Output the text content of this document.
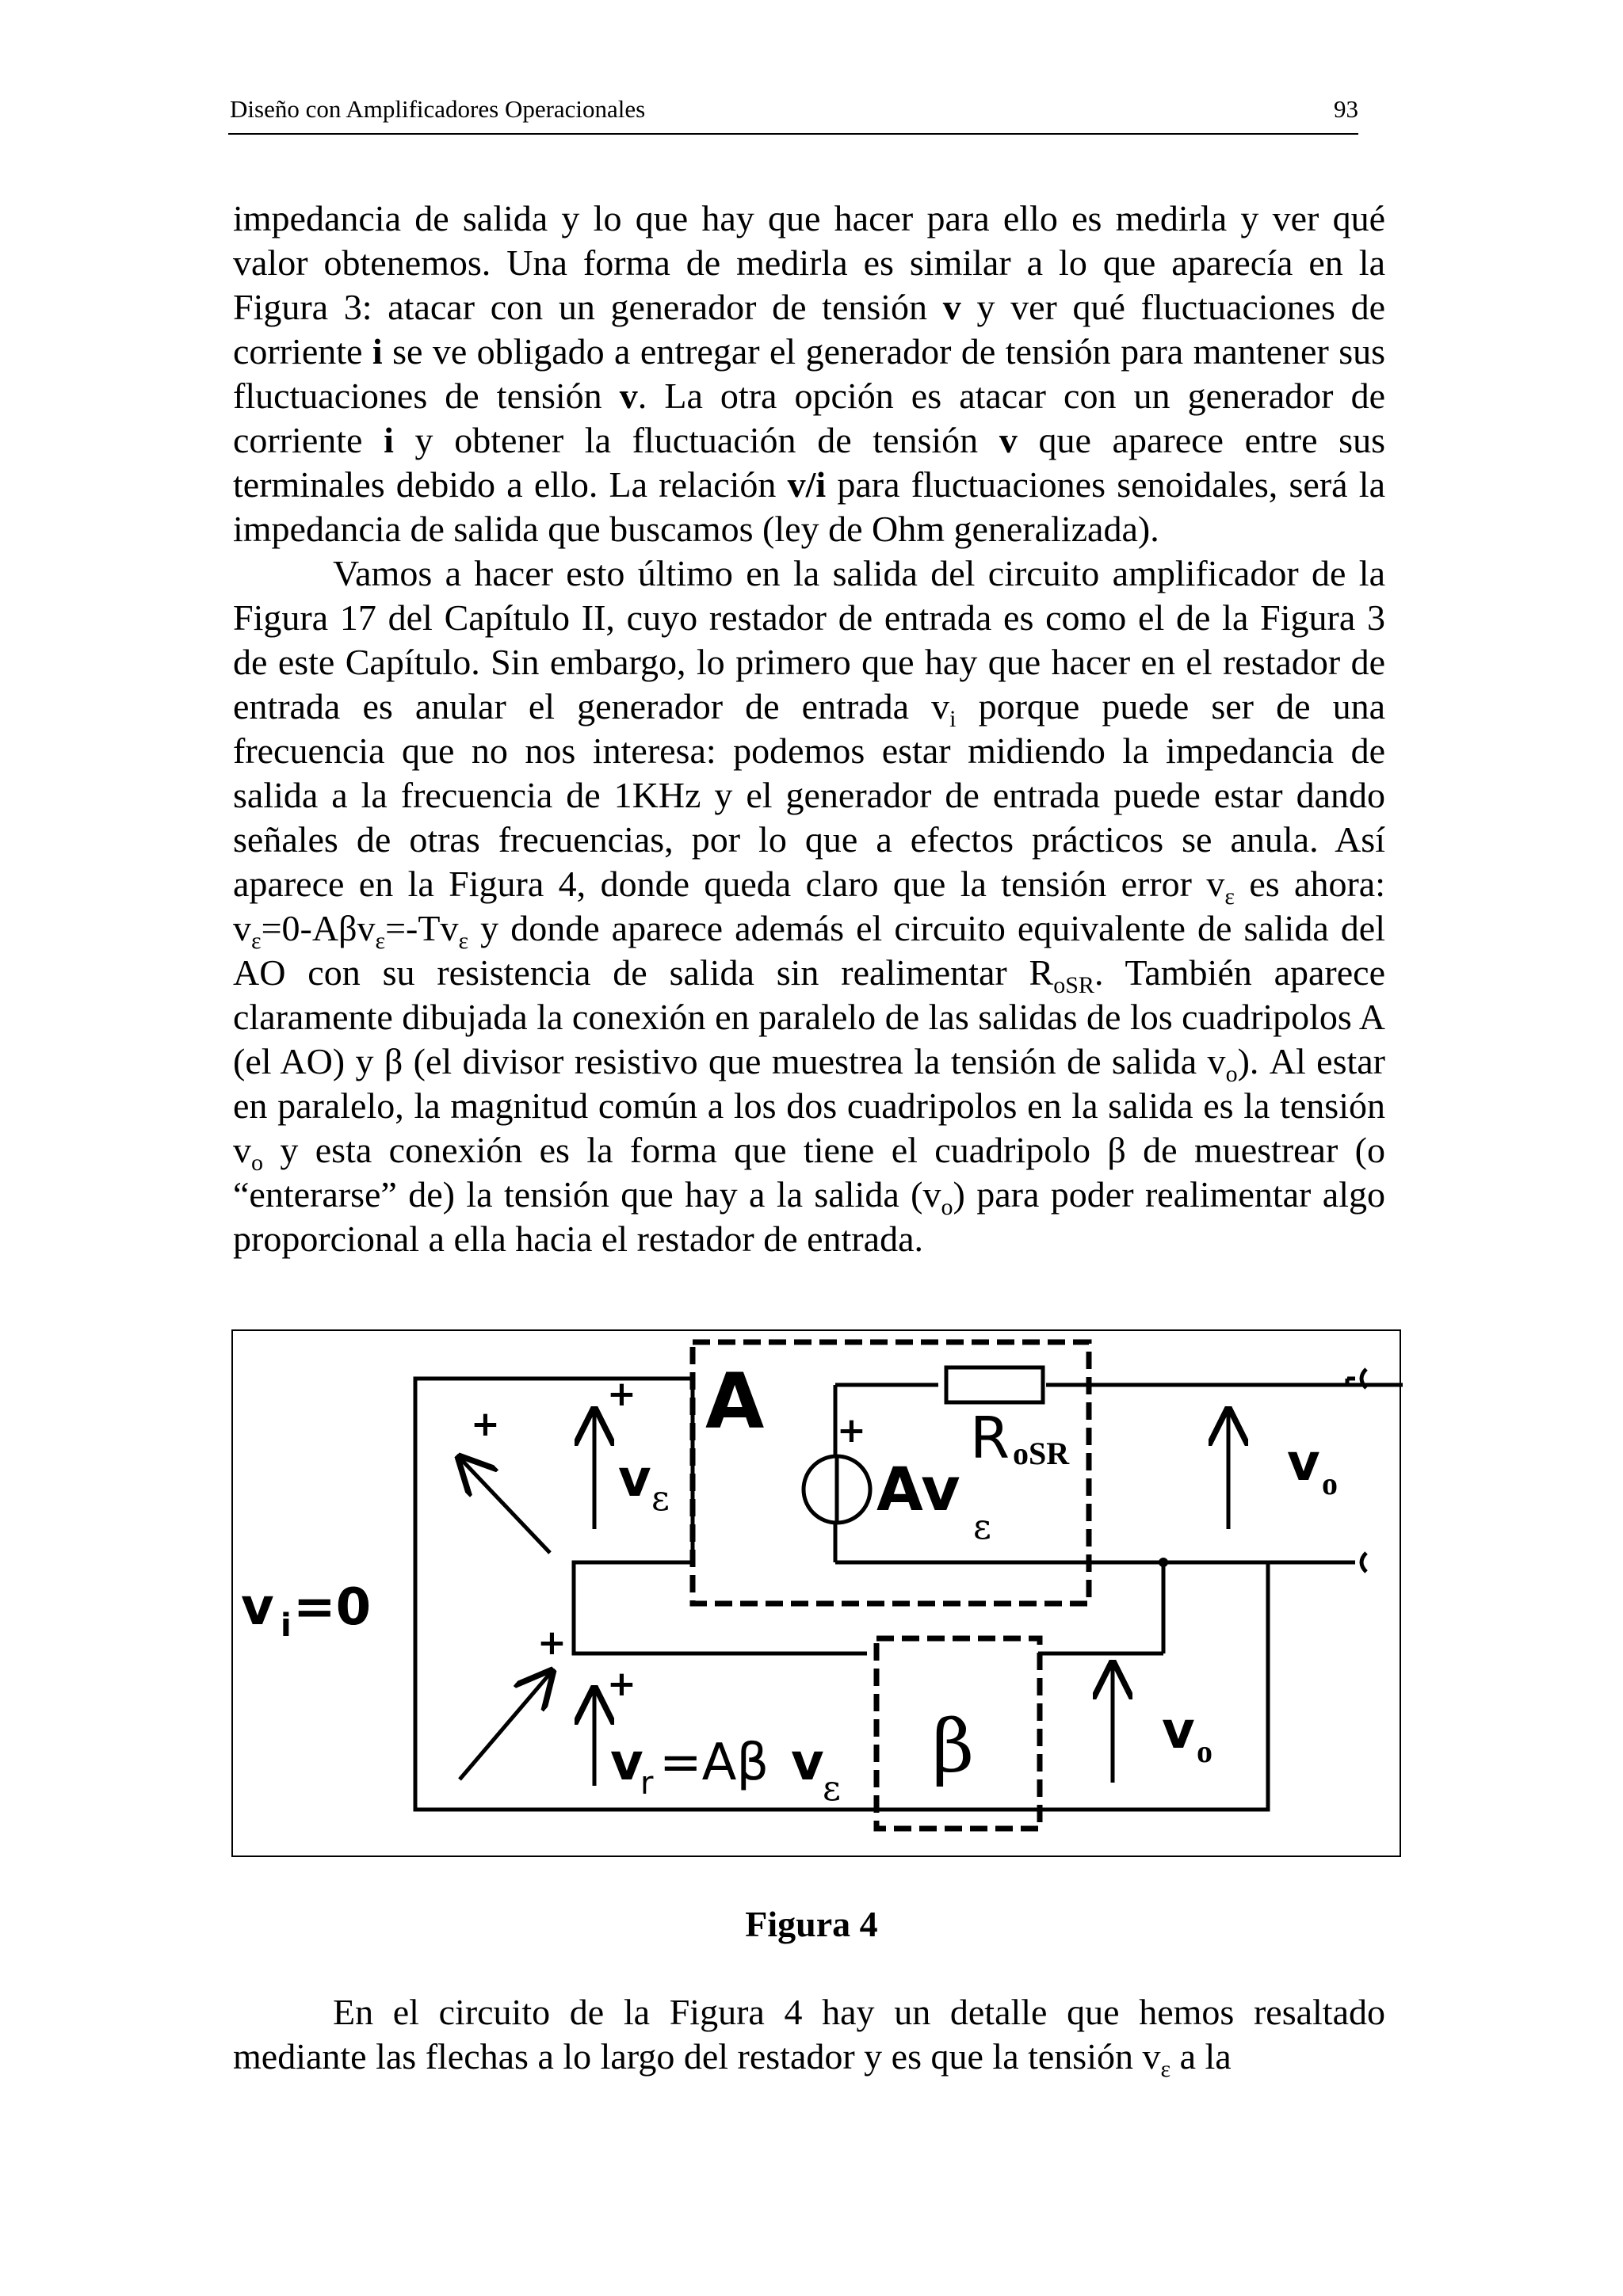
Diseño con Amplificadores Operacionales	93

impedancia de salida y lo que hay que hacer para ello es medirla y ver qué valor obtenemos. Una forma de medirla es similar a lo que aparecía en la Figura 3: atacar con un generador de tensión v y ver qué fluctuaciones de corriente i se ve obligado a entregar el generador de tensión para mantener sus fluctuaciones de tensión v. La otra opción es atacar con un generador de corriente i y obtener la fluctuación de tensión v que aparece entre sus terminales debido a ello. La relación v/i para fluctuaciones senoidales, será la impedancia de salida que buscamos (ley de Ohm generalizada).

Vamos a hacer esto último en la salida del circuito amplificador de la Figura 17 del Capítulo II, cuyo restador de entrada es como el de la Figura 3 de este Capítulo. Sin embargo, lo primero que hay que hacer en el restador de entrada es anular el generador de entrada $v_i$ porque puede ser de una frecuencia que no nos interesa: podemos estar midiendo la impedancia de salida a la frecuencia de 1KHz y el generador de entrada puede estar dando señales de otras frecuencias, por lo que a efectos prácticos se anula. Así aparece en la Figura 4, donde queda claro que la tensión error $v_\varepsilon$ es ahora: $v_\varepsilon=0-A\beta v_\varepsilon=-Tv_\varepsilon$ y donde aparece además el circuito equivalente de salida del AO con su resistencia de salida sin realimentar $R_{oSR}$. También aparece claramente dibujada la conexión en paralelo de las salidas de los cuadripolos A (el AO) y β (el divisor resistivo que muestrea la tensión de salida $v_o$). Al estar en paralelo, la magnitud común a los dos cuadripolos en la salida es la tensión $v_o$ y esta conexión es la forma que tiene el cuadripolo β de muestrear (o “enterarse” de) la tensión que hay a la salida $(v_o)$ para poder realimentar algo proporcional a ella hacia el restador de entrada.

+
+
+
+
+
v i =0
v ε
A	R oSR
Av
ε
v o
v o
v
r =Aβ v
ε β
Figura 4

En el circuito de la Figura 4 hay un detalle que hemos resaltado mediante las flechas a lo largo del restador y es que la tensión $v_\varepsilon$ a la
